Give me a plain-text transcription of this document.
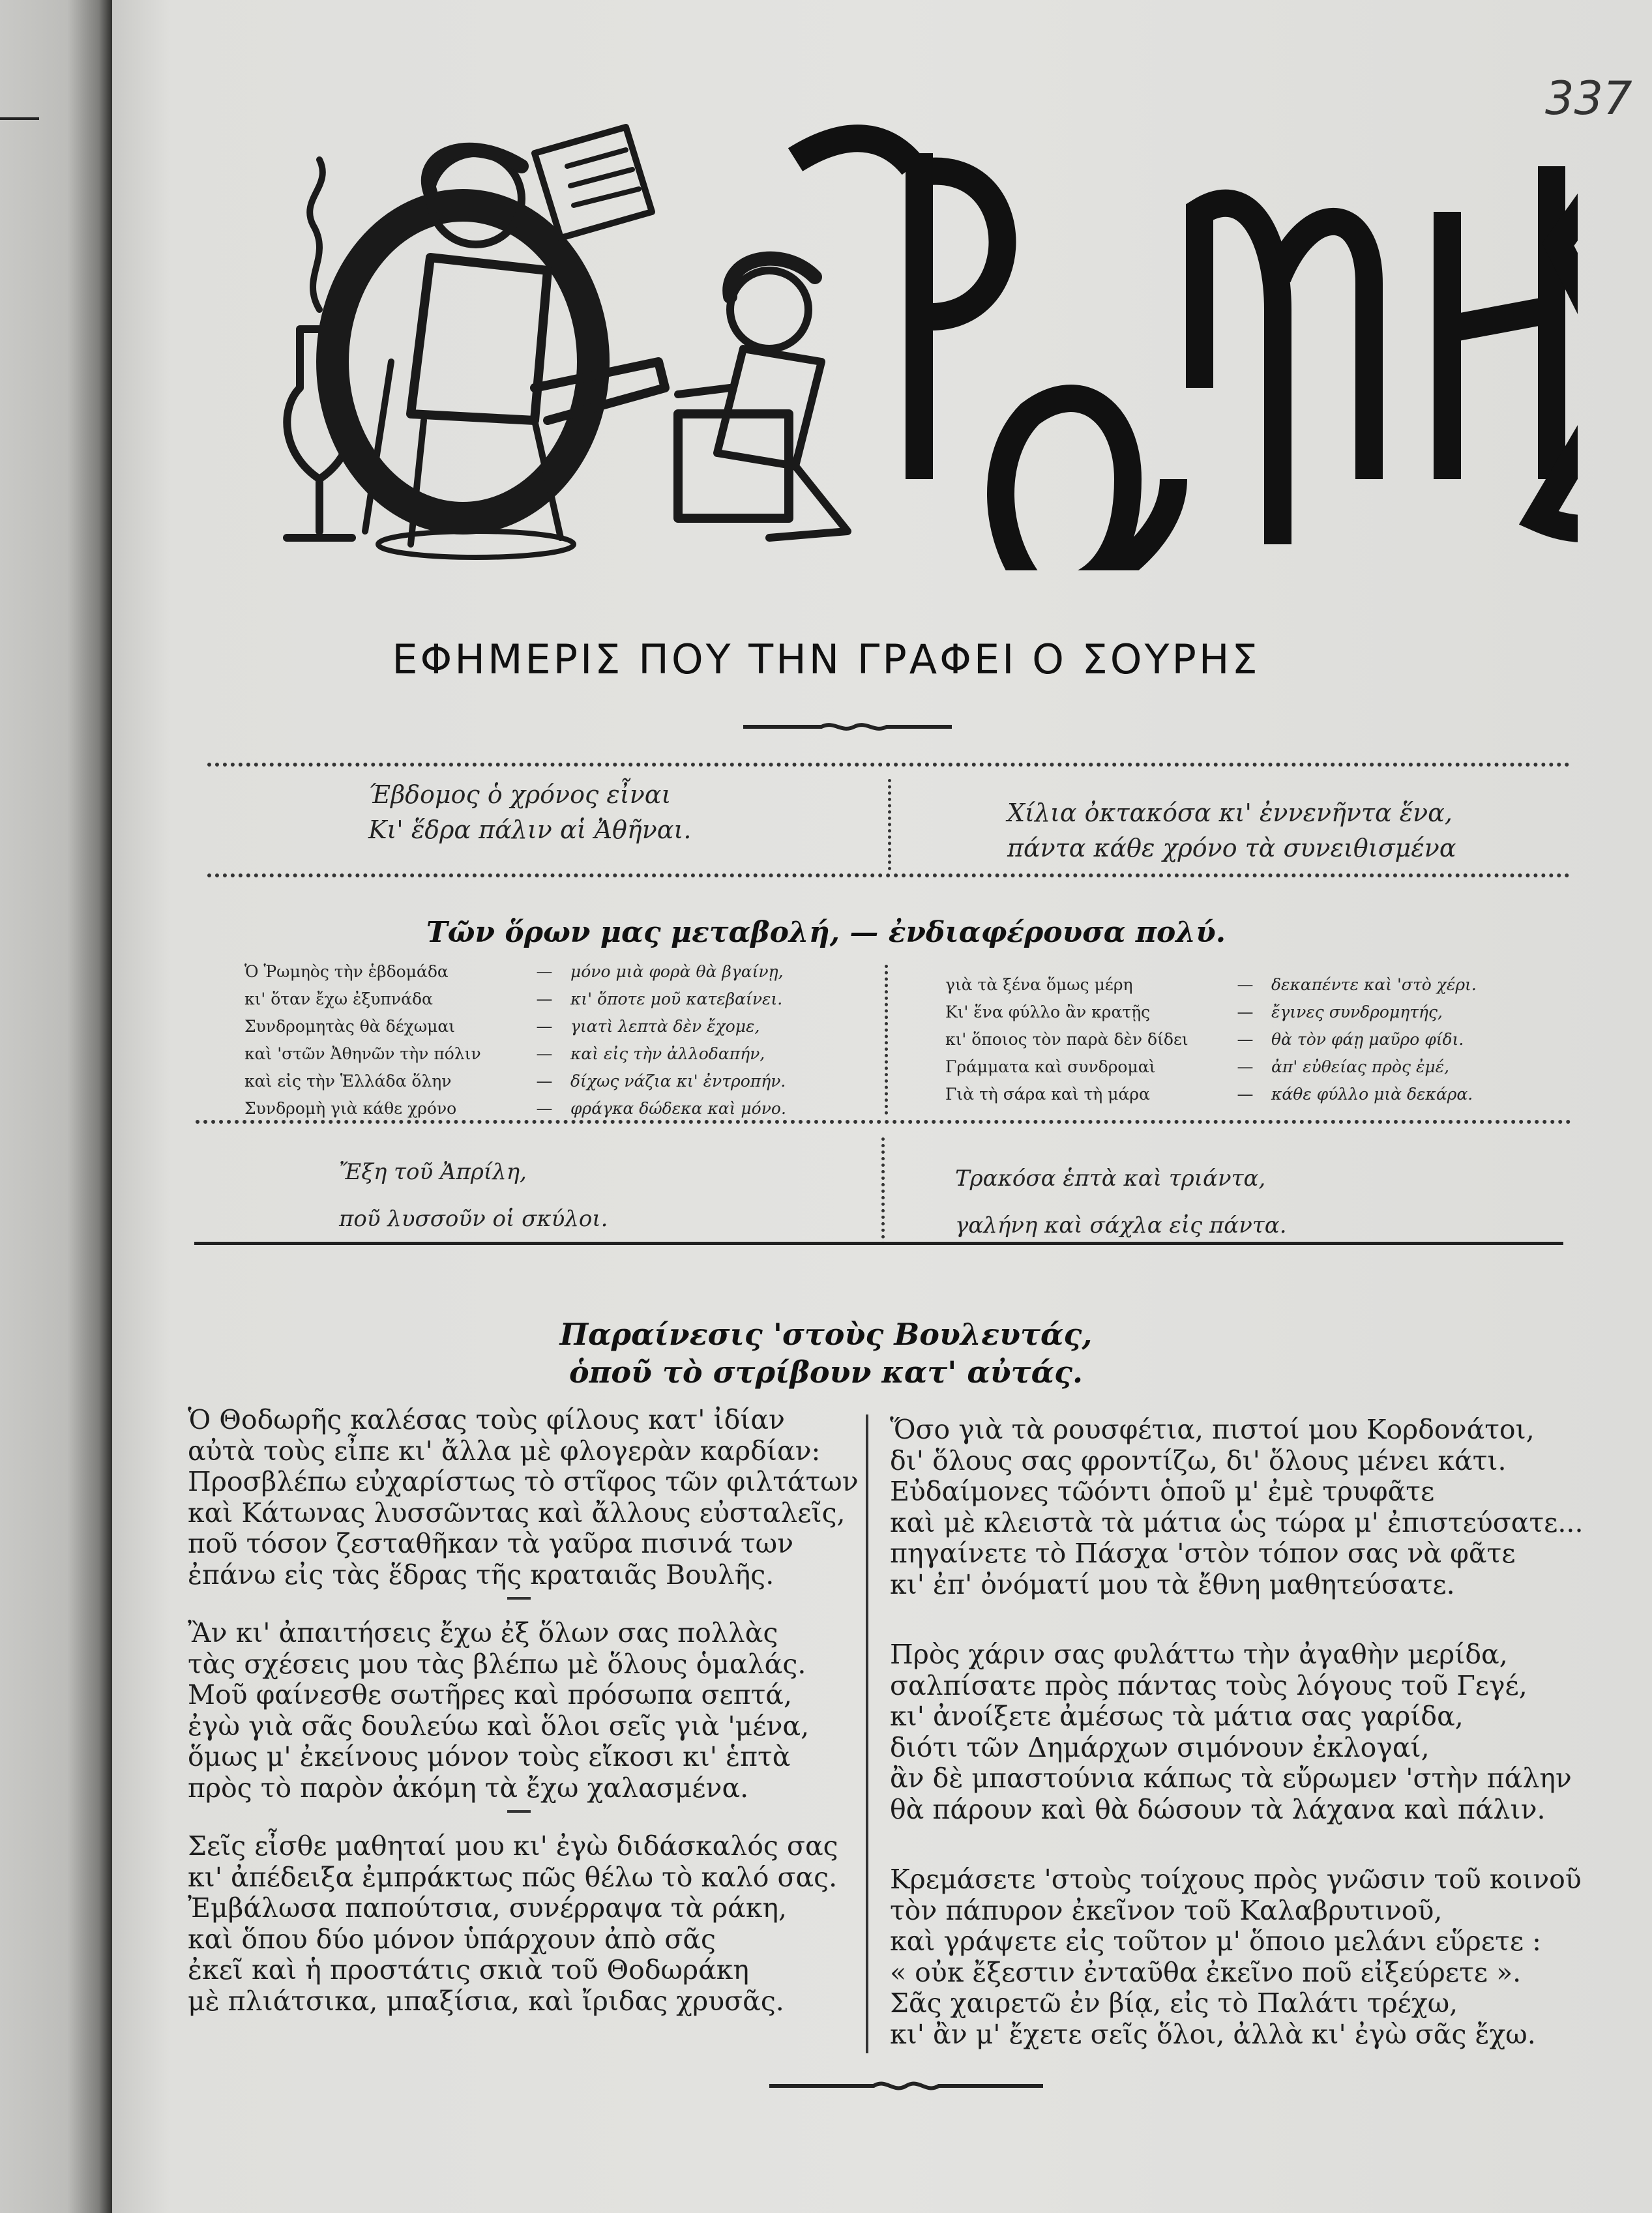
337
ΕΦΗΜΕΡΙΣ ΠΟΥ ΤΗΝ ΓΡΑΦΕΙ Ο ΣΟΥΡΗΣ
Έβδομος ὁ χρόνος εἶναι
Κι' ἕδρα πάλιν αἱ Ἀθῆναι.
Χίλια ὀκτακόσα κι' ἐννενῆντα ἕνα,
πάντα κάθε χρόνο τὰ συνειθισμένα
Τῶν ὅρων μας μεταβολή, — ἐνδιαφέρουσα πολύ.
Ὁ Ῥωμηὸς τὴν ἑβδομάδα	—	μόνο μιὰ φορὰ θὰ βγαίνῃ,
κι' ὅταν ἔχω ἐξυπνάδα	—	κι' ὅποτε μοῦ κατεβαίνει.
Συνδρομητὰς θὰ δέχωμαι	—	γιατὶ λεπτὰ δὲν ἔχομε,
καὶ 'στῶν Ἀθηνῶν τὴν πόλιν	—	καὶ εἰς τὴν ἀλλοδαπήν,
καὶ εἰς τὴν Ἑλλάδα ὅλην	—	δίχως νάζια κι' ἐντροπήν.
Συνδρομὴ γιὰ κάθε χρόνο	—	φράγκα δώδεκα καὶ μόνο.
γιὰ τὰ ξένα ὅμως μέρη	—	δεκαπέντε καὶ 'στὸ χέρι.
Κι' ἕνα φύλλο ἂν κρατῇς	—	ἔγινες συνδρομητής,
κι' ὅποιος τὸν παρὰ δὲν δίδει	—	θὰ τὸν φάῃ μαῦρο φίδι.
Γράμματα καὶ συνδρομαὶ	—	ἀπ' εὐθείας πρὸς ἐμέ,
Γιὰ τὴ σάρα καὶ τὴ μάρα	—	κάθε φύλλο μιὰ δεκάρα.
Ἔξη τοῦ Ἀπρίλη,
ποῦ λυσσοῦν οἱ σκύλοι.
Τρακόσα ἑπτὰ καὶ τριάντα,
γαλήνη καὶ σάχλα εἰς πάντα.
Παραίνεσις 'στοὺς Βουλευτάς,
ὁποῦ τὸ στρίβουν κατ' αὐτάς.
Ὁ Θοδωρῆς καλέσας τοὺς φίλους κατ' ἰδίαν
αὐτὰ τοὺς εἶπε κι' ἄλλα μὲ φλογερὰν καρδίαν:
Προσβλέπω εὐχαρίστως τὸ στῖφος τῶν φιλτάτων
καὶ Κάτωνας λυσσῶντας καὶ ἄλλους εὐσταλεῖς,
ποῦ τόσον ζεσταθῆκαν τὰ γαῦρα πισινά των
ἐπάνω εἰς τὰς ἕδρας τῆς κραταιᾶς Βουλῆς.
Ἂν κι' ἀπαιτήσεις ἔχω ἐξ ὅλων σας πολλὰς
τὰς σχέσεις μου τὰς βλέπω μὲ ὅλους ὁμαλάς.
Μοῦ φαίνεσθε σωτῆρες καὶ πρόσωπα σεπτά,
ἐγὼ γιὰ σᾶς δουλεύω καὶ ὅλοι σεῖς γιὰ 'μένα,
ὅμως μ' ἐκείνους μόνον τοὺς εἴκοσι κι' ἑπτὰ
πρὸς τὸ παρὸν ἀκόμη τὰ ἔχω χαλασμένα.
Σεῖς εἶσθε μαθηταί μου κι' ἐγὼ διδάσκαλός σας
κι' ἀπέδειξα ἐμπράκτως πῶς θέλω τὸ καλό σας.
Ἐμβάλωσα παπούτσια, συνέρραψα τὰ ράκη,
καὶ ὅπου δύο μόνον ὑπάρχουν ἀπὸ σᾶς
ἐκεῖ καὶ ἡ προστάτις σκιὰ τοῦ Θοδωράκη
μὲ πλιάτσικα, μπαξίσια, καὶ ἴριδας χρυσᾶς.
Ὅσο γιὰ τὰ ρουσφέτια, πιστοί μου Κορδονάτοι,
δι' ὅλους σας φροντίζω, δι' ὅλους μένει κάτι.
Εὐδαίμονες τῶόντι ὁποῦ μ' ἐμὲ τρυφᾶτε
καὶ μὲ κλειστὰ τὰ μάτια ὡς τώρα μ' ἐπιστεύσατε...
πηγαίνετε τὸ Πάσχα 'στὸν τόπον σας νὰ φᾶτε
κι' ἐπ' ὀνόματί μου τὰ ἔθνη μαθητεύσατε.
Πρὸς χάριν σας φυλάττω τὴν ἀγαθὴν μερίδα,
σαλπίσατε πρὸς πάντας τοὺς λόγους τοῦ Γεγέ,
κι' ἀνοίξετε ἀμέσως τὰ μάτια σας γαρίδα,
διότι τῶν Δημάρχων σιμόνουν ἐκλογαί,
ἂν δὲ μπαστούνια κάπως τὰ εὔρωμεν 'στὴν πάλην
θὰ πάρουν καὶ θὰ δώσουν τὰ λάχανα καὶ πάλιν.
Κρεμάσετε 'στοὺς τοίχους πρὸς γνῶσιν τοῦ κοινοῦ
τὸν πάπυρον ἐκεῖνον τοῦ Καλαβρυτινοῦ,
καὶ γράψετε εἰς τοῦτον μ' ὅποιο μελάνι εὕρετε :
« οὐκ ἔξεστιν ἐνταῦθα ἐκεῖνο ποῦ εἰξεύρετε ».
Σᾶς χαιρετῶ ἐν βίᾳ, εἰς τὸ Παλάτι τρέχω,
κι' ἂν μ' ἔχετε σεῖς ὅλοι, ἀλλὰ κι' ἐγὼ σᾶς ἔχω.
